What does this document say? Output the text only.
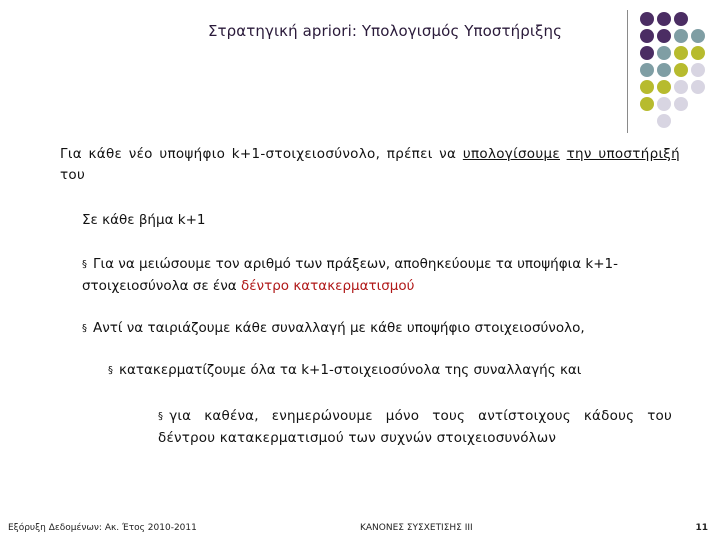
Στρατηγική apriori: Υπολογισμός Υποστήριξης
Για κάθε νέο υποψήφιο k+1-στοιχειοσύνολο, πρέπει να υπολογίσουμε την υποστήριξή του
Σε κάθε βήμα k+1
§ Για να μειώσουμε τον αριθμό των πράξεων, αποθηκεύουμε τα υποψήφια k+1-στοιχειοσύνολα σε ένα δέντρο κατακερματισμού
§ Αντί να ταιριάζουμε κάθε συναλλαγή με κάθε υποψήφιο στοιχειοσύνολο,
§ κατακερματίζουμε όλα τα k+1-στοιχειοσύνολα της συναλλαγής και
§ για καθένα, ενημερώνουμε μόνο τους αντίστοιχους κάδους του δέντρου κατακερματισμού των συχνών στοιχειοσυνόλων
Εξόρυξη Δεδομένων: Ακ. Έτος 2010-2011	ΚΑΝΟΝΕΣ ΣΥΣΧΕΤΙΣΗΣ ΙΙΙ	11
